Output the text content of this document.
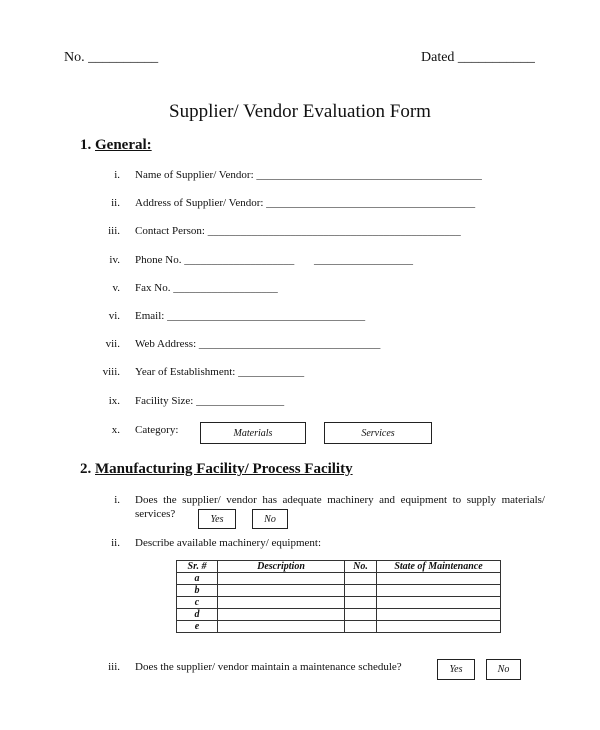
No. __________	Dated ___________
Supplier/ Vendor Evaluation Form
1. General:
i. Name of Supplier/ Vendor: _________________________________________
ii. Address of Supplier/ Vendor: ______________________________________
iii. Contact Person: ______________________________________________
iv. Phone No. ____________________ __________________
v. Fax No. ___________________
vi. Email: ____________________________________
vii. Web Address: _________________________________
viii. Year of Establishment: ____________
ix. Facility Size: ________________
x. Category:	Materials	Services
2. Manufacturing Facility/ Process Facility
i. Does the supplier/ vendor has adequate machinery and equipment to supply materials/
services?	Yes	No
ii. Describe available machinery/ equipment:
Sr. #	Description	No.	State of Maintenance
a			
b			
c			
d			
e			
iii. Does the supplier/ vendor maintain a maintenance schedule?	Yes	No
